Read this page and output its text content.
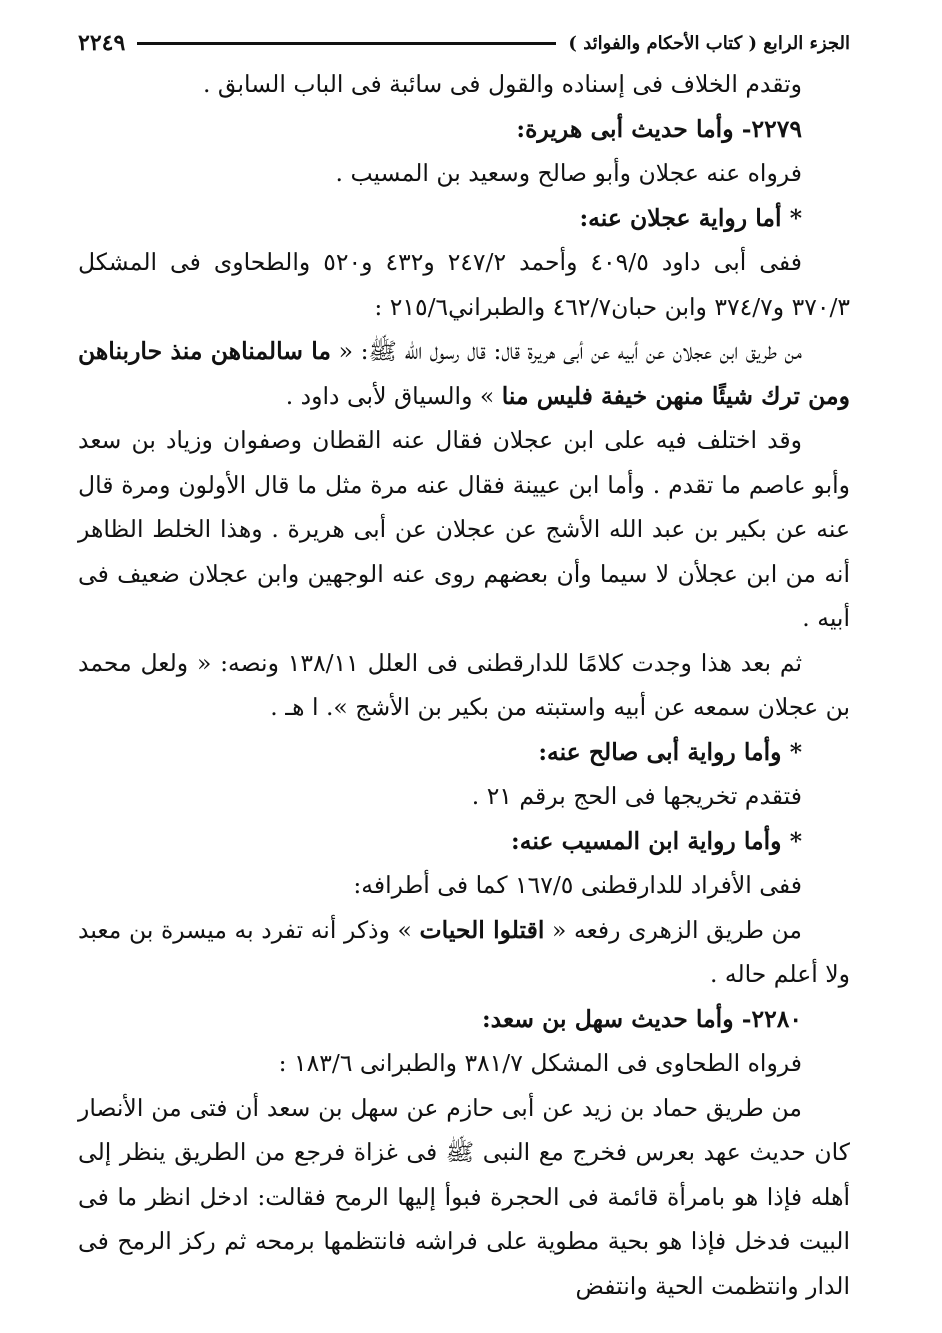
الجزء الرابع ( كتاب الأحكام والفوائد )
٢٢٤٩

وتقدم الخلاف فى إسناده والقول فى سائبة فى الباب السابق .

٢٢٧٩- وأما حديث أبى هريرة:

فرواه عنه عجلان وأبو صالح وسعيد بن المسيب .

* أما رواية عجلان عنه:

ففى أبى داود ٤٠٩/٥ وأحمد ٢٤٧/٢ و٤٣٢ و٥٢٠ والطحاوى فى المشكل ٣٧٠/٣ و٣٧٤/٧ وابن حبان٤٦٢/٧ والطبراني٢١٥/٦ :

من طريق ابن عجلان عن أبيه عن أبى هريرة قال: قال رسول الله ﷺ: « ما سالمناهن منذ حاربناهن ومن ترك شيئًا منهن خيفة فليس منا » والسياق لأبى داود .

وقد اختلف فيه على ابن عجلان فقال عنه القطان وصفوان وزياد بن سعد وأبو عاصم ما تقدم . وأما ابن عيينة فقال عنه مرة مثل ما قال الأولون ومرة قال عنه عن بكير بن عبد الله الأشج عن عجلان عن أبى هريرة . وهذا الخلط الظاهر أنه من ابن عجلأن لا سيما وأن بعضهم روى عنه الوجهين وابن عجلان ضعيف فى أبيه .

ثم بعد هذا وجدت كلامًا للدارقطنى فى العلل ١٣٨/١١ ونصه: « ولعل محمد بن عجلان سمعه عن أبيه واستبته من بكير بن الأشج ». ا هـ .

* وأما رواية أبى صالح عنه:

فتقدم تخريجها فى الحج برقم ٢١ .

* وأما رواية ابن المسيب عنه:

ففى الأفراد للدارقطنى ١٦٧/٥ كما فى أطرافه:

من طريق الزهرى رفعه « اقتلوا الحيات » وذكر أنه تفرد به ميسرة بن معبد ولا أعلم حاله .

٢٢٨٠- وأما حديث سهل بن سعد:

فرواه الطحاوى فى المشكل ٣٨١/٧ والطبرانى ١٨٣/٦ :

من طريق حماد بن زيد عن أبى حازم عن سهل بن سعد أن فتى من الأنصار كان حديث عهد بعرس فخرج مع النبى ﷺ فى غزاة فرجع من الطريق ينظر إلى أهله فإذا هو بامرأة قائمة فى الحجرة فبوأ إليها الرمح فقالت: ادخل انظر ما فى البيت فدخل فإذا هو بحية مطوية على فراشه فانتظمها برمحه ثم ركز الرمح فى الدار وانتظمت الحية وانتفض
